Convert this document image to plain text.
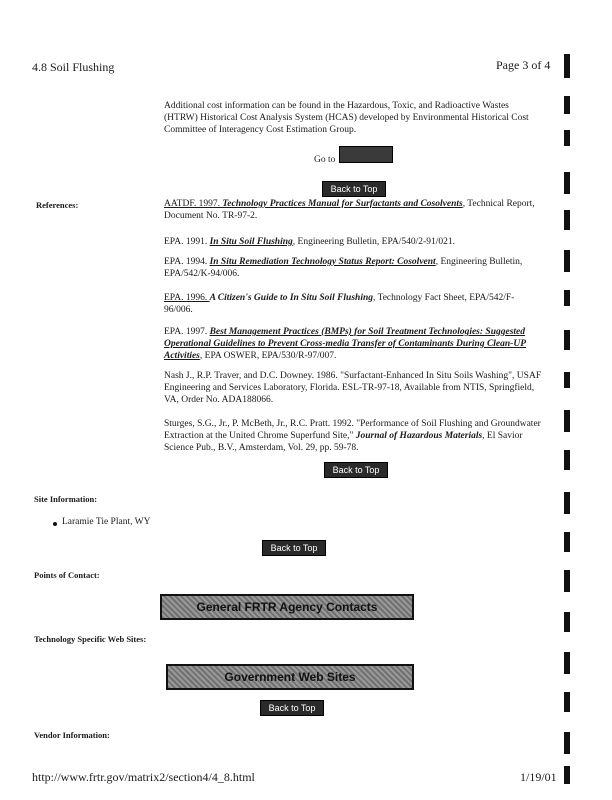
4.8 Soil Flushing	Page 3 of 4
Additional cost information can be found in the Hazardous, Toxic, and Radioactive Wastes (HTRW) Historical Cost Analysis System (HCAS) developed by Environmental Historical Cost Committee of Interagency Cost Estimation Group.
Go to
Back to Top
References:	AATDF. 1997. Technology Practices Manual for Surfactants and Cosolvents, Technical Report, Document No. TR-97-2.
EPA. 1991. In Situ Soil Flushing, Engineering Bulletin, EPA/540/2-91/021.
EPA. 1994. In Situ Remediation Technology Status Report: Cosolvent, Engineering Bulletin, EPA/542/K-94/006.
EPA. 1996. A Citizen's Guide to In Situ Soil Flushing, Technology Fact Sheet, EPA/542/F-96/006.
EPA. 1997. Best Management Practices (BMPs) for Soil Treatment Technologies: Suggested Operational Guidelines to Prevent Cross-media Transfer of Contaminants During Clean-UP Activities, EPA OSWER, EPA/530/R-97/007.
Nash J., R.P. Traver, and D.C. Downey. 1986. "Surfactant-Enhanced In Situ Soils Washing", USAF Engineering and Services Laboratory, Florida. ESL-TR-97-18, Available from NTIS, Springfield, VA, Order No. ADA188066.
Sturges, S.G., Jr., P. McBeth, Jr., R.C. Pratt. 1992. "Performance of Soil Flushing and Groundwater Extraction at the United Chrome Superfund Site," Journal of Hazardous Materials, El Savior Science Pub., B.V., Amsterdam, Vol. 29, pp. 59-78.
Back to Top
Site Information:
Laramie Tie Plant, WY
Back to Top
Points of Contact:
General FRTR Agency Contacts
Technology Specific Web Sites:
Government Web Sites
Back to Top
Vendor Information:
http://www.frtr.gov/matrix2/section4/4_8.html	1/19/01
